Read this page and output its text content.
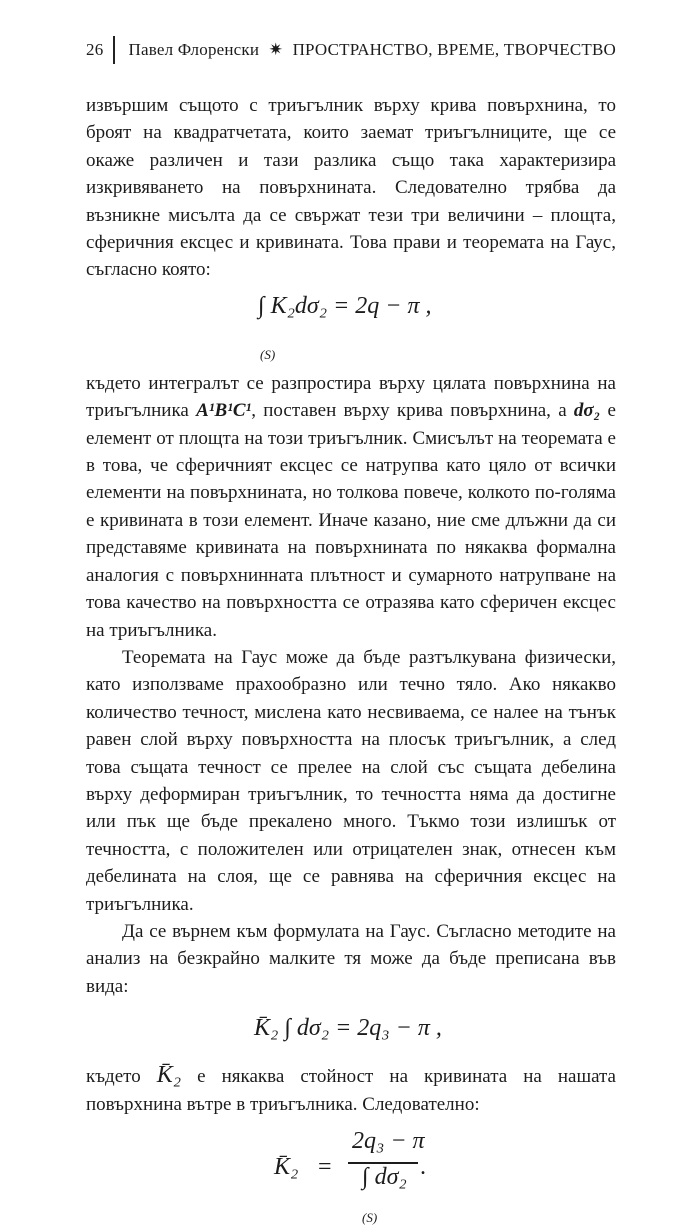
26 Павел Флоренски ✷ ПРОСТРАНСТВО, ВРЕМЕ, ТВОРЧЕСТВО

извършим същото с триъгълник върху крива повърхнина, то броят на квадратчетата, които заемат триъгълниците, ще се окаже различен и тази разлика също така характеризира изкривяването на повърхнината. Следователно трябва да възникне мисълта да се свържат тези три величини – площта, сферичния ексцес и кривината. Това прави и теоремата на Гаус, съгласно която:

∫ K₂dσ₂ = 2q − π ,
(S)

където интегралът се разпростира върху цялата повърхнина на триъгълника A¹B¹C¹, поставен върху крива повърхнина, а dσ₂ е елемент от площта на този триъгълник. Смисълът на теоремата е в това, че сферичният ексцес се натрупва като цяло от всички елементи на повърхнината, но толкова повече, колкото по-голяма е кривината в този елемент. Иначе казано, ние сме длъжни да си представяме кривината на повърхнината по някаква формална аналогия с повърхнинната плътност и сумарното натрупване на това качество на повърхността се отразява като сферичен ексцес на триъгълника.

Теоремата на Гаус може да бъде разтълкувана физически, като използваме прахообразно или течно тяло. Ако някакво количество течност, мислена като несвиваема, се налее на тънък равен слой върху повърхността на плосък триъгълник, а след това същата течност се прелее на слой със същата дебелина върху деформиран триъгълник, то течността няма да достигне или пък ще бъде прекалено много. Тъкмо този излишък от течността, с положителен или отрицателен знак, отнесен към дебелината на слоя, ще се равнява на сферичния ексцес на триъгълника.

Да се върнем към формулата на Гаус. Съгласно методите на анализ на безкрайно малките тя може да бъде преписана във вида:

K̄₂ ∫ dσ₂ = 2q₃ − π ,

където K̄₂ е някаква стойност на кривината на нашата повърхнина вътре в триъгълника. Следователно:

K̄₂ =
2q₃ − π
∫ dσ₂ .
(S)
